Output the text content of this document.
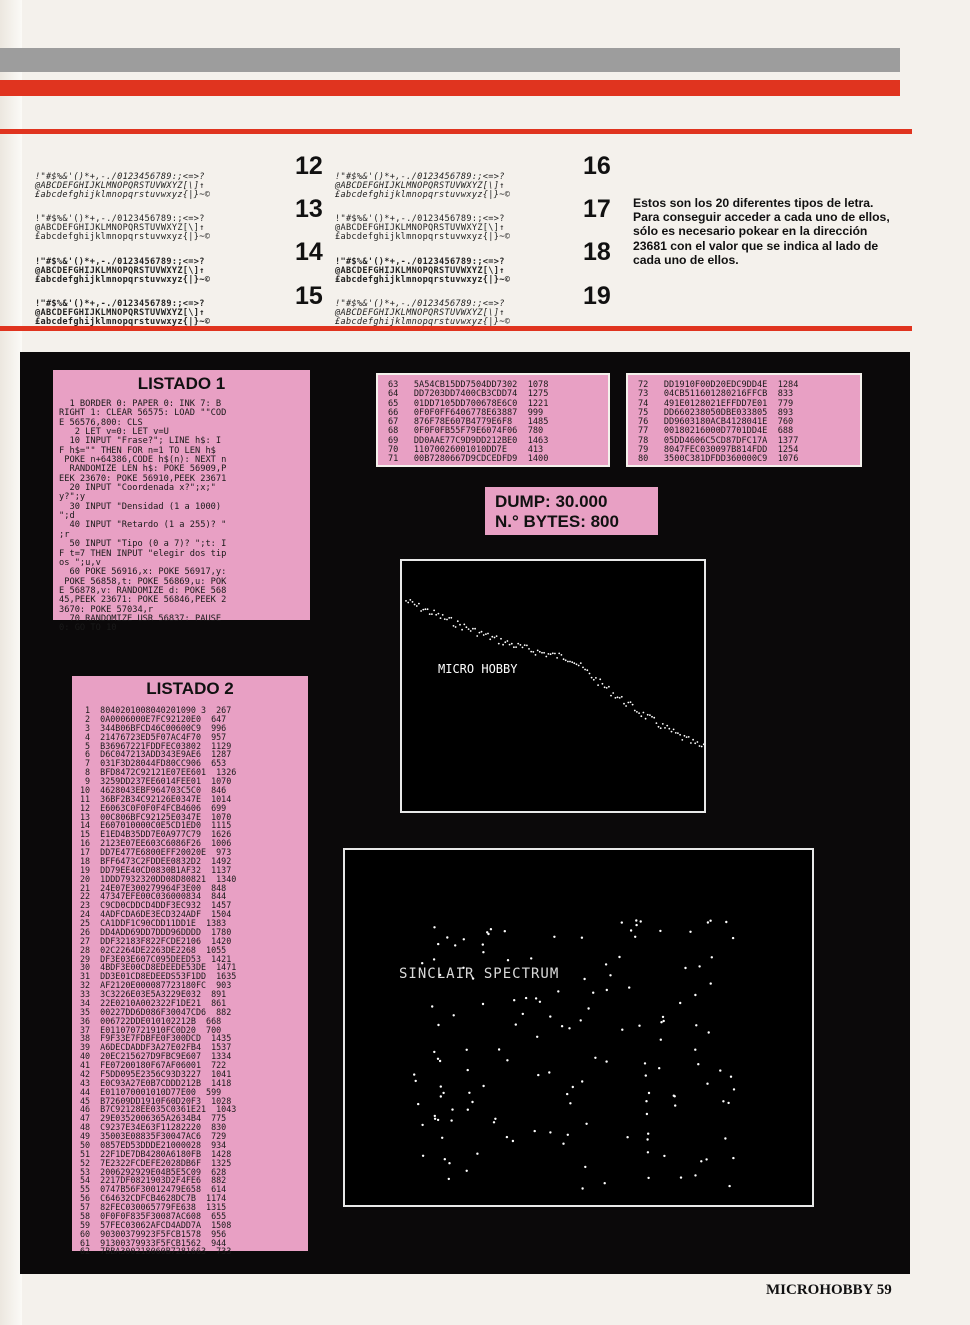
!"#$%&'()*+,-./0123456789:;<=>?
@ABCDEFGHIJKLMNOPQRSTUVWXYZ[\]↑
£abcdefghijklmnopqrstuvwxyz{|}~©

12

!"#$%&'()*+,-./0123456789:;<=>?
@ABCDEFGHIJKLMNOPQRSTUVWXYZ[\]↑
£abcdefghijklmnopqrstuvwxyz{|}~©

13

!"#$%&'()*+,-./0123456789:;<=>?
@ABCDEFGHIJKLMNOPQRSTUVWXYZ[\]↑
£abcdefghijklmnopqrstuvwxyz{|}~©

14

!"#$%&'()*+,-./0123456789:;<=>?
@ABCDEFGHIJKLMNOPQRSTUVWXYZ[\]↑
£abcdefghijklmnopqrstuvwxyz{|}~©

15

!"#$%&'()*+,-./0123456789:;<=>?
@ABCDEFGHIJKLMNOPQRSTUVWXYZ[\]↑
£abcdefghijklmnopqrstuvwxyz{|}~©

16

!"#$%&'()*+,-./0123456789:;<=>?
@ABCDEFGHIJKLMNOPQRSTUVWXYZ[\]↑
£abcdefghijklmnopqrstuvwxyz{|}~©

17

!"#$%&'()*+,-./0123456789:;<=>?
@ABCDEFGHIJKLMNOPQRSTUVWXYZ[\]↑
£abcdefghijklmnopqrstuvwxyz{|}~©

18

!"#$%&'()*+,-./0123456789:;<=>?
@ABCDEFGHIJKLMNOPQRSTUVWXYZ[\]↑
£abcdefghijklmnopqrstuvwxyz{|}~©

19
Estos son los 20 diferentes tipos de letra. Para conseguir acceder a cada uno de ellos, sólo es necesario pokear en la dirección 23681 con el valor que se indica al lado de cada uno de ellos.
LISTADO 1
1 BORDER 0: PAPER 0: INK 7: B
RIGHT 1: CLEAR 56575: LOAD ""COD
E 56576,800: CLS
2 LET v=0: LET v=U
10 INPUT "Frase?"; LINE h$: I
F h$="" THEN FOR n=1 TO LEN h$
POKE n+64386,CODE h$(n): NEXT n
RANDOMIZE LEN h$: POKE 56909,P
EEK 23670: POKE 56910,PEEK 23671
20 INPUT "Coordenada x?";x;"
y?";y
30 INPUT "Densidad (1 a 1000)
";d
40 INPUT "Retardo (1 a 255)? "
;r
50 INPUT "Tipo (0 a 7)? ";t: I
F t=7 THEN INPUT "elegir dos tip
os ";u,v
60 POKE 56916,x: POKE 56917,y:
POKE 56858,t: POKE 56869,u: POK
E 56878,v: RANDOMIZE d: POKE 568
45,PEEK 23671: POKE 56846,PEEK 2
3670: POKE 57034,r
70 RANDOMIZE USR 56837: PAUSE
0: GO TO 10
63   5A54CB15DD7504DD7302  1078
64   DD7203DD7400CB3CDD74  1275
65   01DD7105DD700678E6C0  1221
66   0F0F0FF6406778E63887  999
67   876F78E607B4779E6F8   1485
68   0F0F0FB55F79E6074F06  780
69   DD0AAE77C9D9DD212BE0  1463
70   11070026001010DD7E    413
71   00B7280667D9CDCEDFD9  1400
72   DD1910F00D20EDC9DD4E  1284
73   04CB511601280216FFCB  833
74   491E0128021EFFDD7E01  779
75   DD660238050DBE033805  893
76   DD9603180ACB4128041E  760
77   00180216000D7701DD4E  688
78   05DD4606C5CD87DFC17A  1377
79   8047FEC030097B814FDD  1254
80   3500C381DFDD360000C9  1076
DUMP: 30.000
N.° BYTES: 800
LISTADO 2
1  8040201008040201090 3  267
2  0A0006000E7FC92120E0  647
3  344B06BFCD46C00600C9  996
4  21476723ED5F07AC4F70  957
5  B36967221FDDFEC03802  1129
6  D6C047213ADD343E9AE6  1287
7  031F3D28044FD80CC906  653
8  BFD8472C92121E07EE601  1326
9  3259DD237EE6014FEE01  1070
10  4628043EBF964703C5C0  846
11  36BF2B34C92126E0347E  1014
12  E6063C0F0F0F4FCB4606  699
13  00C806BFC92125E0347E  1070
14  E607010000C0E5CD1ED0  1115
15  E1ED4B35DD7E0A977C79  1626
16  2123E07EE603C6086F26  1006
17  DD7E477E6800EFF20020E  973
18  BFF6473C2FDDEE0832D2  1492
19  DD79EE40CD0830B1AF32  1137
20  1DDD7932320DD08D80821  1340
21  24E07E300279964F3E00  848
22  47347EFE00C036000834  844
23  C9CD0CDDCD4DDF3EC932  1457
24  4ADFCDA6DE3ECD324ADF  1504
25  CA1DDF1C90CDD11DD1E  1383
26  DD4ADD69DD7DDD96DDDD  1780
27  DDF32183F822FCDE2106  1420
28  02C2264DE2263DE2268  1055
29  DF3E03E607C095DEED53  1421
30  4BDF3E00CD8EDEEDE53DE  1471
31  DD3E01CD8EDEEDS53F1DD  1635
32  AF2120E000087723180FC  903
33  3C3226E03E5A3229E032  891
34  22E0210A002322F1DE21  861
35  00227DD6D086F30047CD6  882
36  006722DDE010102212B  668
37  E011070721910FC0D20  700
38  F9F33E7FDBFE0F300DCD  1435
39  A6DECDADDF3A27E02FB4  1537
40  20EC215627D9FBC9E607  1334
41  FE07200180F67AF06001  722
42  F5DD095E2356C93D3227  1041
43  E0C93A27E0B7CDDD212B  1418
44  E011070001010D77E00  599
45  B72609DD1910F60D20F3  1028
46  B7C92128EE035C0361E21  1043
47  29E0352006365A2634B4  775
48  C9237E34E63F11282220  830
49  35003E08835F30047AC6  729
50  0857ED53DDDE21000028  934
51  22F1DE7DB4280A6180FB  1428
52  7E2322FCDEFE2028DB6F  1325
53  2006292929E04B5E5C09  628
54  2217DF0821903D2F4FE6  882
55  0747B56F30012479E658  614
56  C64632CDFCB4628DC7B  1174
57  82FEC030065779FE638  1315
58  0F0F0F835F30087AC608  655
59  57FEC03062AFCD4ADD7A  1508
60  90300379923F5FCB1578  956
61  91300379933F5FCB1562  944
62  7BBA300218060B7281663  733
MICRO HOBBY
SINCLAIR SPECTRUM
MICROHOBBY 59
